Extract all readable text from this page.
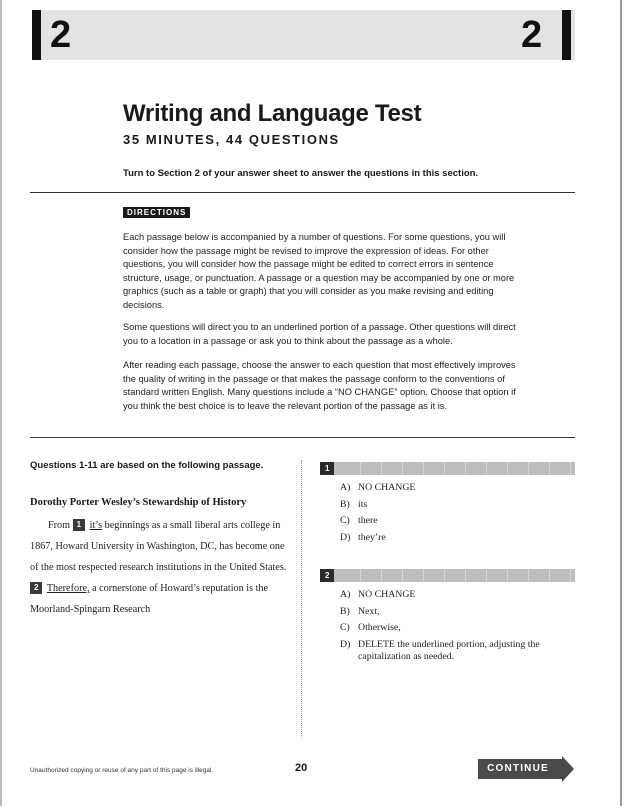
2	2
Writing and Language Test
35 MINUTES, 44 QUESTIONS
Turn to Section 2 of your answer sheet to answer the questions in this section.
DIRECTIONS

Each passage below is accompanied by a number of questions. For some questions, you will consider how the passage might be revised to improve the expression of ideas. For other questions, you will consider how the passage might be edited to correct errors in sentence structure, usage, or punctuation. A passage or a question may be accompanied by one or more graphics (such as a table or graph) that you will consider as you make revising and editing decisions.

Some questions will direct you to an underlined portion of a passage. Other questions will direct you to a location in a passage or ask you to think about the passage as a whole.

After reading each passage, choose the answer to each question that most effectively improves the quality of writing in the passage or that makes the passage conform to the conventions of standard written English. Many questions include a “NO CHANGE” option. Choose that option if you think the best choice is to leave the relevant portion of the passage as it is.

Questions 1-11 are based on the following passage.
Dorothy Porter Wesley’s Stewardship of History

From 1 it’s beginnings as a small liberal arts college in 1867, Howard University in Washington, DC, has become one of the most respected research institutions in the United States. 2 Therefore, a cornerstone of Howard’s reputation is the Moorland-Spingarn Research

1
A) NO CHANGE
B) its
C) there
D) they’re
2
A) NO CHANGE
B) Next,
C) Otherwise,
D) DELETE the underlined portion, adjusting the capitalization as needed.
Unauthorized copying or reuse of any part of this page is illegal.	20	CONTINUE
